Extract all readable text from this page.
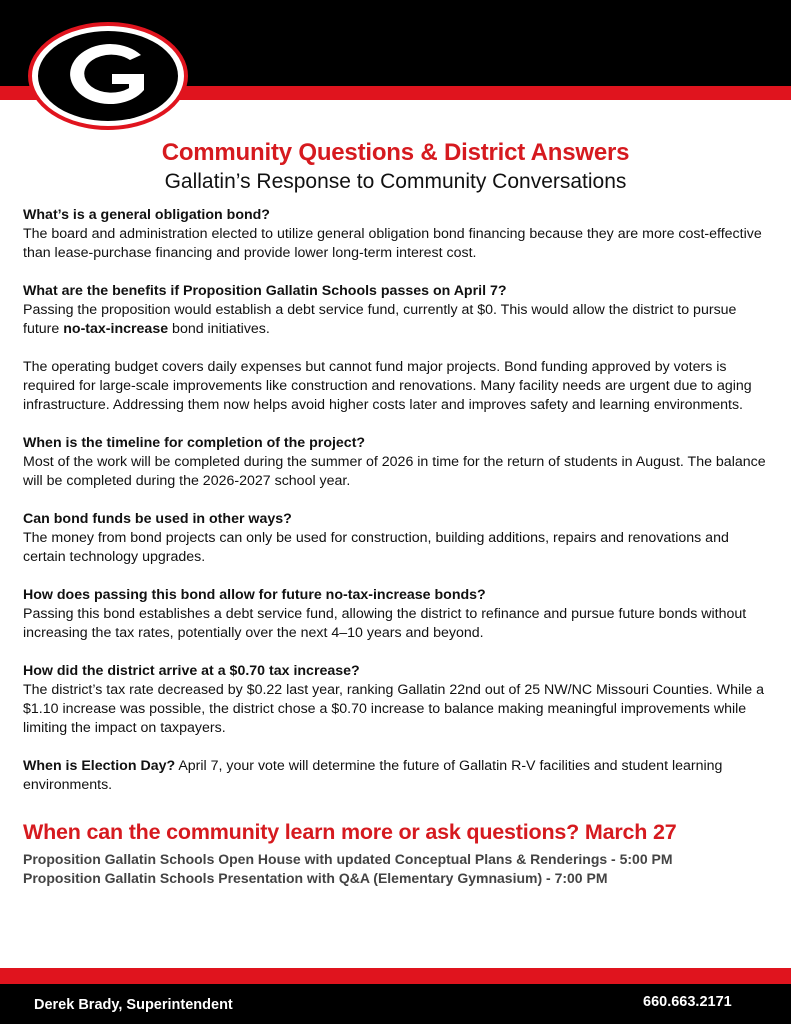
Community Questions & District Answers
Gallatin’s Response to Community Conversations
What’s is a general obligation bond?
The board and administration elected to utilize general obligation bond financing because they are more cost-effective than lease-purchase financing and provide lower long-term interest cost.
What are the benefits if Proposition Gallatin Schools passes on April 7?
Passing the proposition would establish a debt service fund, currently at $0. This would allow the district to pursue future no-tax-increase bond initiatives.
The operating budget covers daily expenses but cannot fund major projects. Bond funding approved by voters is required for large-scale improvements like construction and renovations. Many facility needs are urgent due to aging infrastructure. Addressing them now helps avoid higher costs later and improves safety and learning environments.
When is the timeline for completion of the project?
Most of the work will be completed during the summer of 2026 in time for the return of students in August. The balance will be completed during the 2026-2027 school year.
Can bond funds be used in other ways?
The money from bond projects can only be used for construction, building additions, repairs and renovations and certain technology upgrades.
How does passing this bond allow for future no-tax-increase bonds?
Passing this bond establishes a debt service fund, allowing the district to refinance and pursue future bonds without increasing the tax rates, potentially over the next 4–10 years and beyond.
How did the district arrive at a $0.70 tax increase?
The district’s tax rate decreased by $0.22 last year, ranking Gallatin 22nd out of 25 NW/NC Missouri Counties. While a $1.10 increase was possible, the district chose a $0.70 increase to balance making meaningful improvements while limiting the impact on taxpayers.
When is Election Day? April 7, your vote will determine the future of Gallatin R-V facilities and student learning environments.
When can the community learn more or ask questions? March 27
Proposition Gallatin Schools Open House with updated Conceptual Plans & Renderings - 5:00 PM
Proposition Gallatin Schools Presentation with Q&A (Elementary Gymnasium) - 7:00 PM
Derek Brady, Superintendent	660.663.2171
